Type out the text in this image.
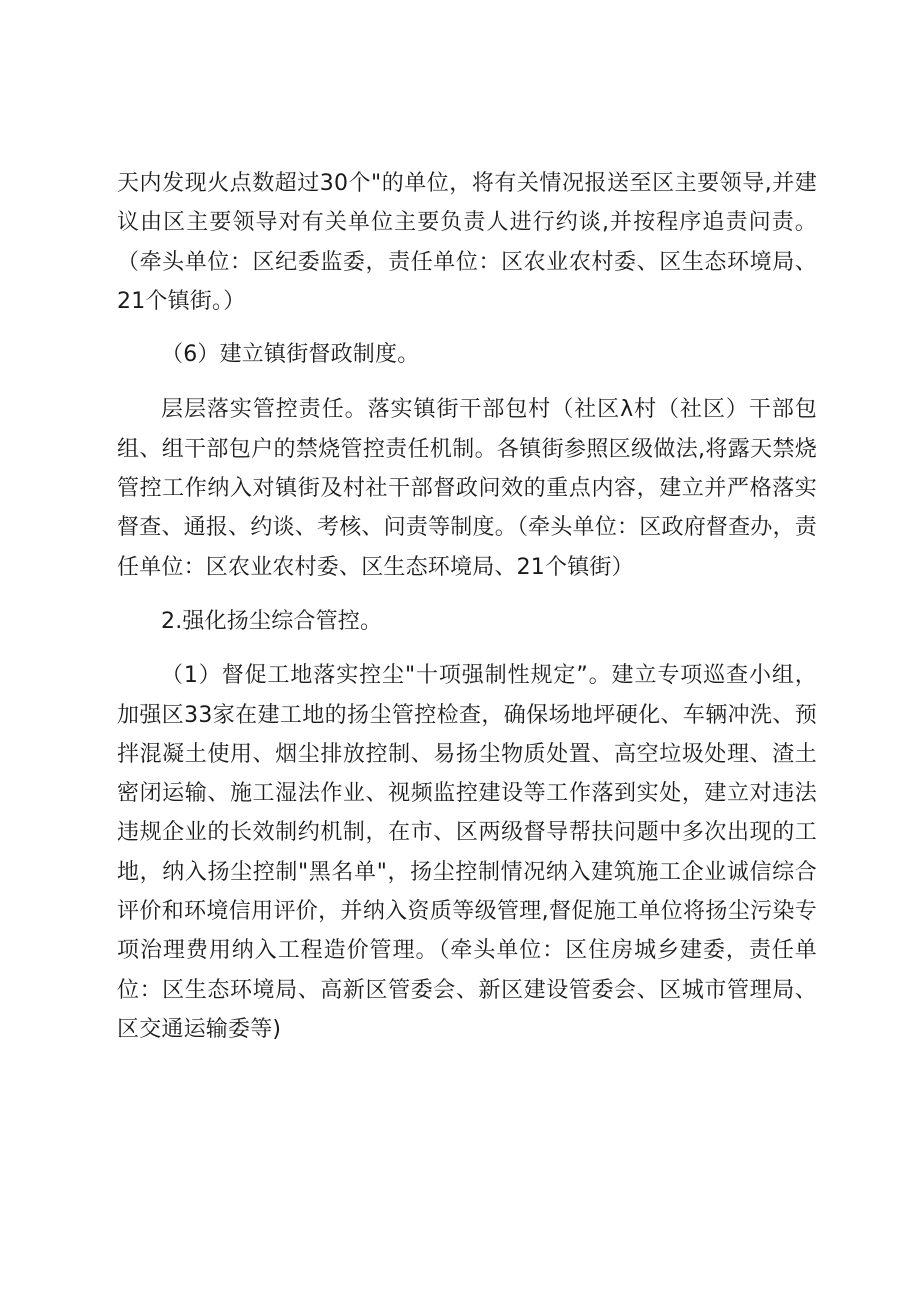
天内发现火点数超过30个"的单位，将有关情况报送至区主要领导,并建议由区主要领导对有关单位主要负责人进行约谈,并按程序追责问责。（牵头单位：区纪委监委，责任单位：区农业农村委、区生态环境局、21个镇街。）

（6）建立镇街督政制度。

层层落实管控责任。落实镇街干部包村（社区λ村（社区）干部包组、组干部包户的禁烧管控责任机制。各镇街参照区级做法,将露天禁烧管控工作纳入对镇街及村社干部督政问效的重点内容，建立并严格落实督查、通报、约谈、考核、问责等制度。（牵头单位：区政府督查办，责任单位：区农业农村委、区生态环境局、21个镇街）

2.强化扬尘综合管控。

（1）督促工地落实控尘"十项强制性规定”。建立专项巡查小组，加强区33家在建工地的扬尘管控检查，确保场地坪硬化、车辆冲洗、预拌混凝土使用、烟尘排放控制、易扬尘物质处置、高空垃圾处理、渣土密闭运输、施工湿法作业、视频监控建设等工作落到实处，建立对违法违规企业的长效制约机制，在市、区两级督导帮扶问题中多次出现的工地，纳入扬尘控制"黑名单"，扬尘控制情况纳入建筑施工企业诚信综合评价和环境信用评价，并纳入资质等级管理,督促施工单位将扬尘污染专项治理费用纳入工程造价管理。（牵头单位：区住房城乡建委，责任单位：区生态环境局、高新区管委会、新区建设管委会、区城市管理局、区交通运输委等)
